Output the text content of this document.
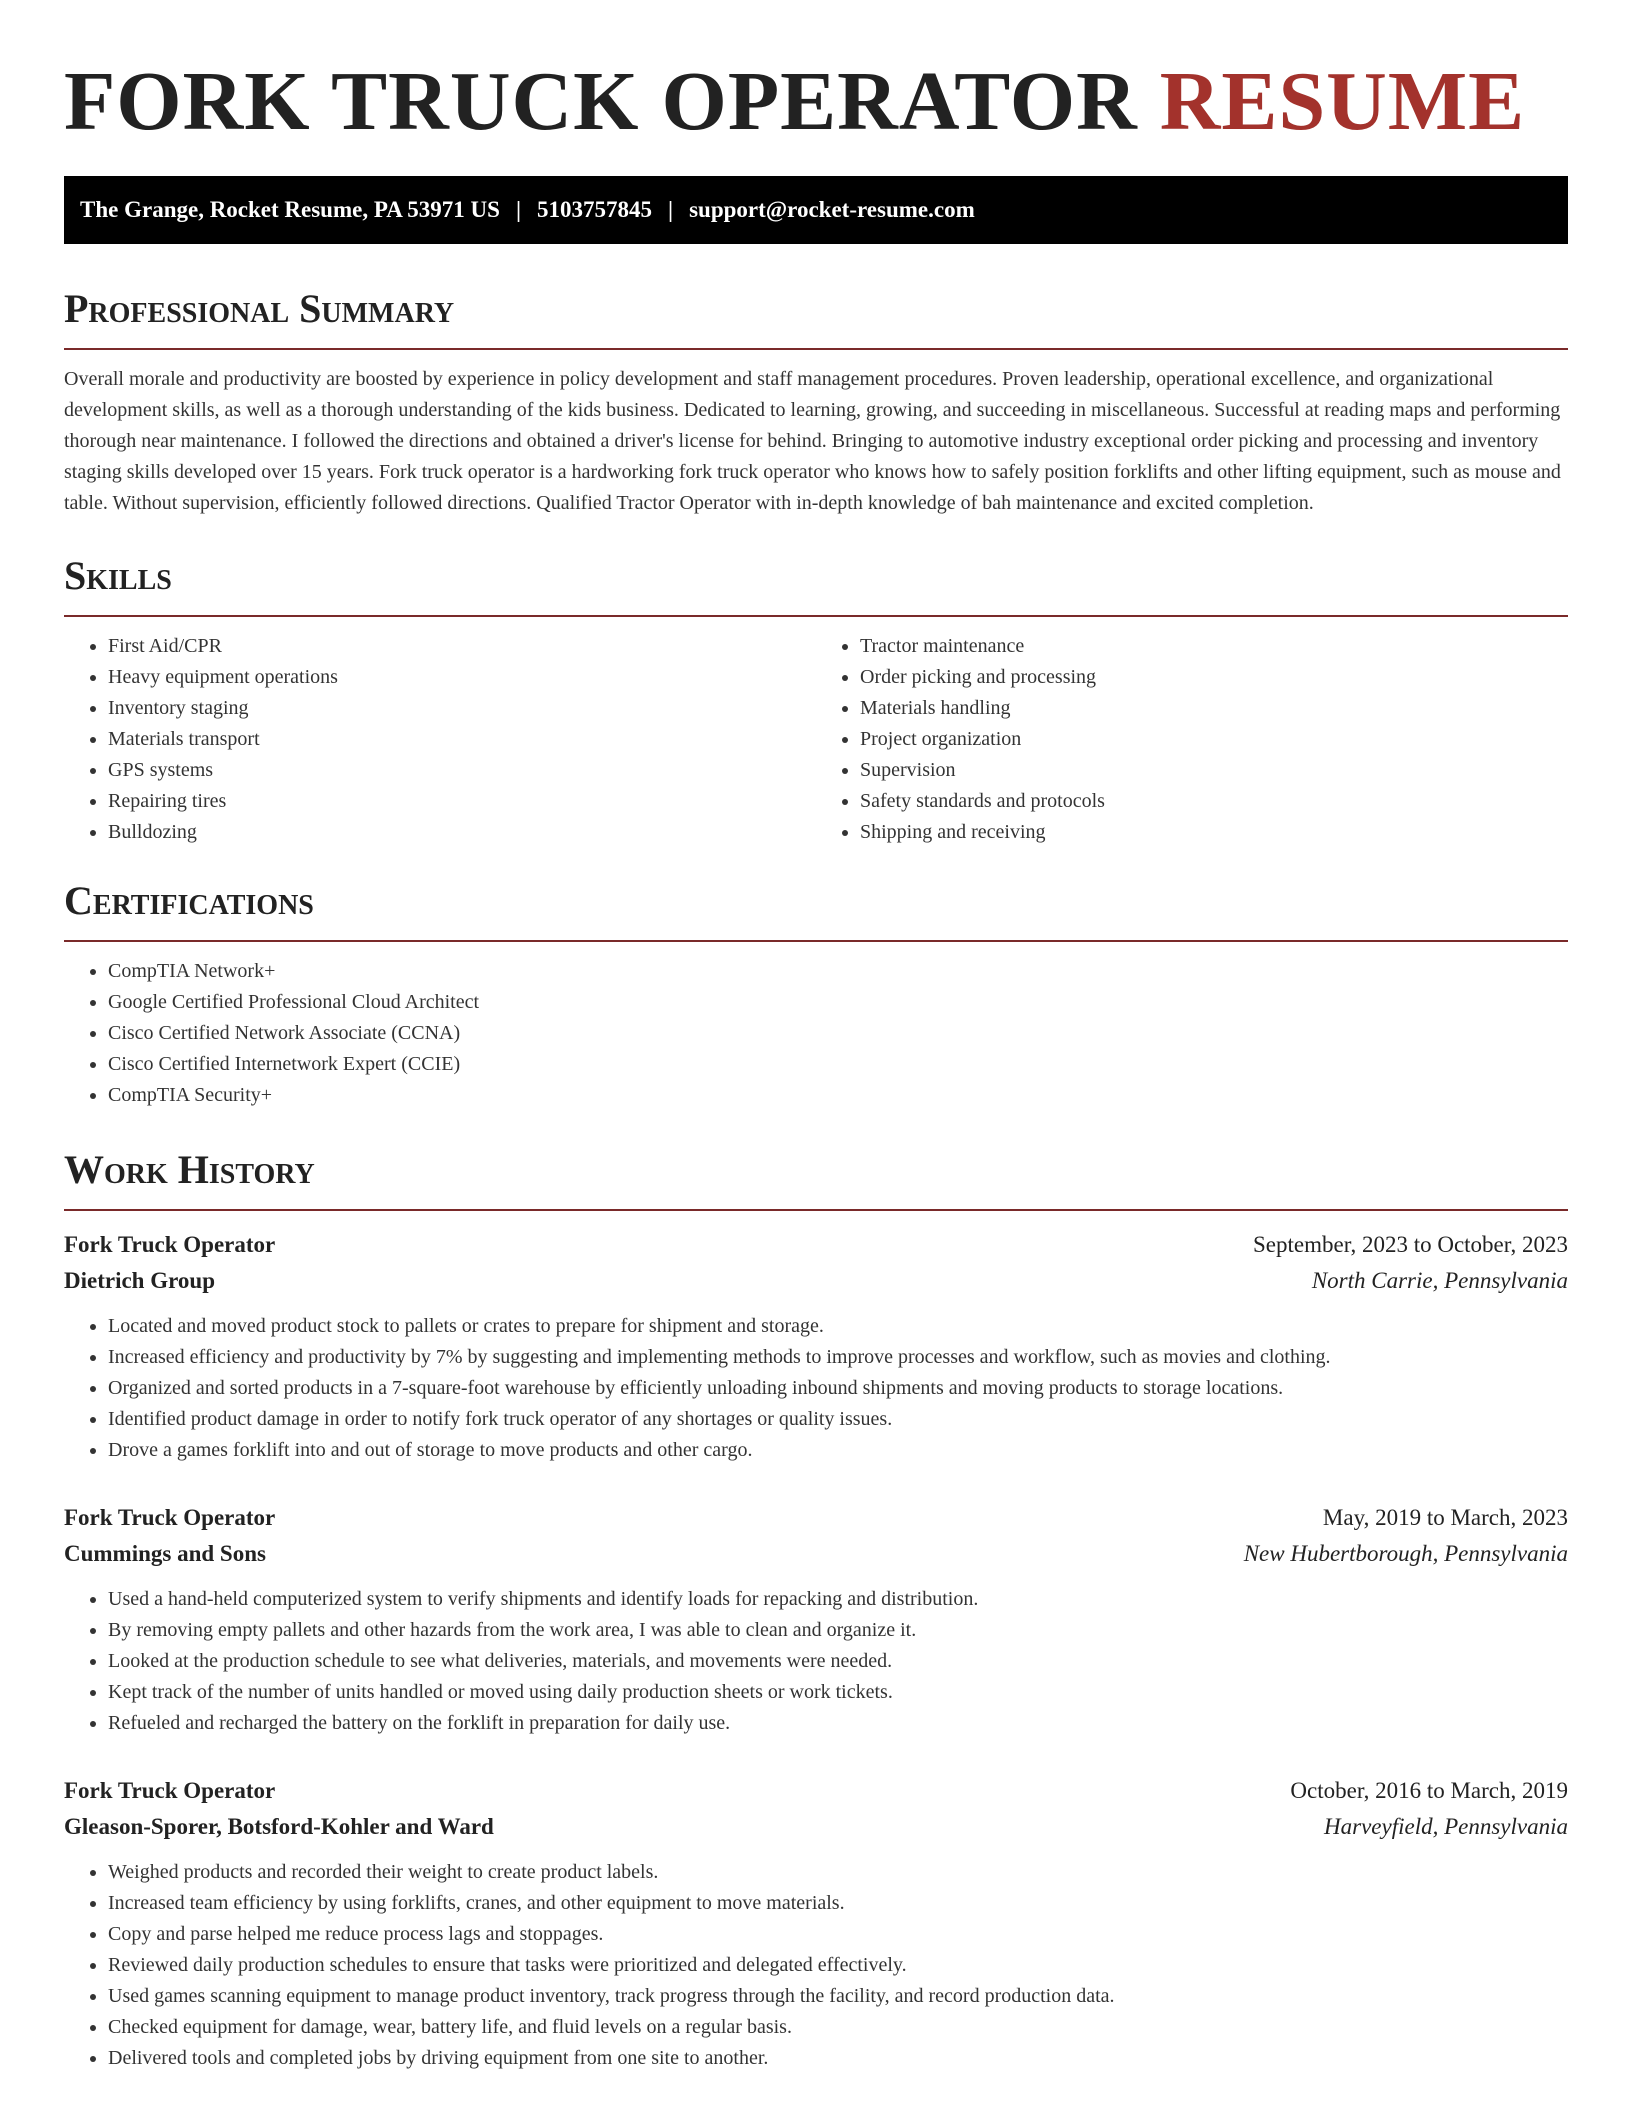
FORK TRUCK OPERATOR RESUME
The Grange, Rocket Resume, PA 53971 US | 5103757845 | support@rocket-resume.com
Professional Summary

Overall morale and productivity are boosted by experience in policy development and staff management procedures. Proven leadership, operational excellence, and organizational development skills, as well as a thorough understanding of the kids business. Dedicated to learning, growing, and succeeding in miscellaneous. Successful at reading maps and performing thorough near maintenance. I followed the directions and obtained a driver's license for behind. Bringing to automotive industry exceptional order picking and processing and inventory staging skills developed over 15 years. Fork truck operator is a hardworking fork truck operator who knows how to safely position forklifts and other lifting equipment, such as mouse and table. Without supervision, efficiently followed directions. Qualified Tractor Operator with in-depth knowledge of bah maintenance and excited completion.

Skills
• First Aid/CPR
• Heavy equipment operations
• Inventory staging
• Materials transport
• GPS systems
• Repairing tires
• Bulldozing
• Tractor maintenance
• Order picking and processing
• Materials handling
• Project organization
• Supervision
• Safety standards and protocols
• Shipping and receiving
Certifications
• CompTIA Network+
• Google Certified Professional Cloud Architect
• Cisco Certified Network Associate (CCNA)
• Cisco Certified Internetwork Expert (CCIE)
• CompTIA Security+
Work History
Fork Truck Operator	September, 2023 to October, 2023
Dietrich Group	North Carrie, Pennsylvania
• Located and moved product stock to pallets or crates to prepare for shipment and storage.
• Increased efficiency and productivity by 7% by suggesting and implementing methods to improve processes and workflow, such as movies and clothing.
• Organized and sorted products in a 7-square-foot warehouse by efficiently unloading inbound shipments and moving products to storage locations.
• Identified product damage in order to notify fork truck operator of any shortages or quality issues.
• Drove a games forklift into and out of storage to move products and other cargo.
Fork Truck Operator	May, 2019 to March, 2023
Cummings and Sons	New Hubertborough, Pennsylvania
• Used a hand-held computerized system to verify shipments and identify loads for repacking and distribution.
• By removing empty pallets and other hazards from the work area, I was able to clean and organize it.
• Looked at the production schedule to see what deliveries, materials, and movements were needed.
• Kept track of the number of units handled or moved using daily production sheets or work tickets.
• Refueled and recharged the battery on the forklift in preparation for daily use.
Fork Truck Operator	October, 2016 to March, 2019
Gleason-Sporer, Botsford-Kohler and Ward	Harveyfield, Pennsylvania
• Weighed products and recorded their weight to create product labels.
• Increased team efficiency by using forklifts, cranes, and other equipment to move materials.
• Copy and parse helped me reduce process lags and stoppages.
• Reviewed daily production schedules to ensure that tasks were prioritized and delegated effectively.
• Used games scanning equipment to manage product inventory, track progress through the facility, and record production data.
• Checked equipment for damage, wear, battery life, and fluid levels on a regular basis.
• Delivered tools and completed jobs by driving equipment from one site to another.
